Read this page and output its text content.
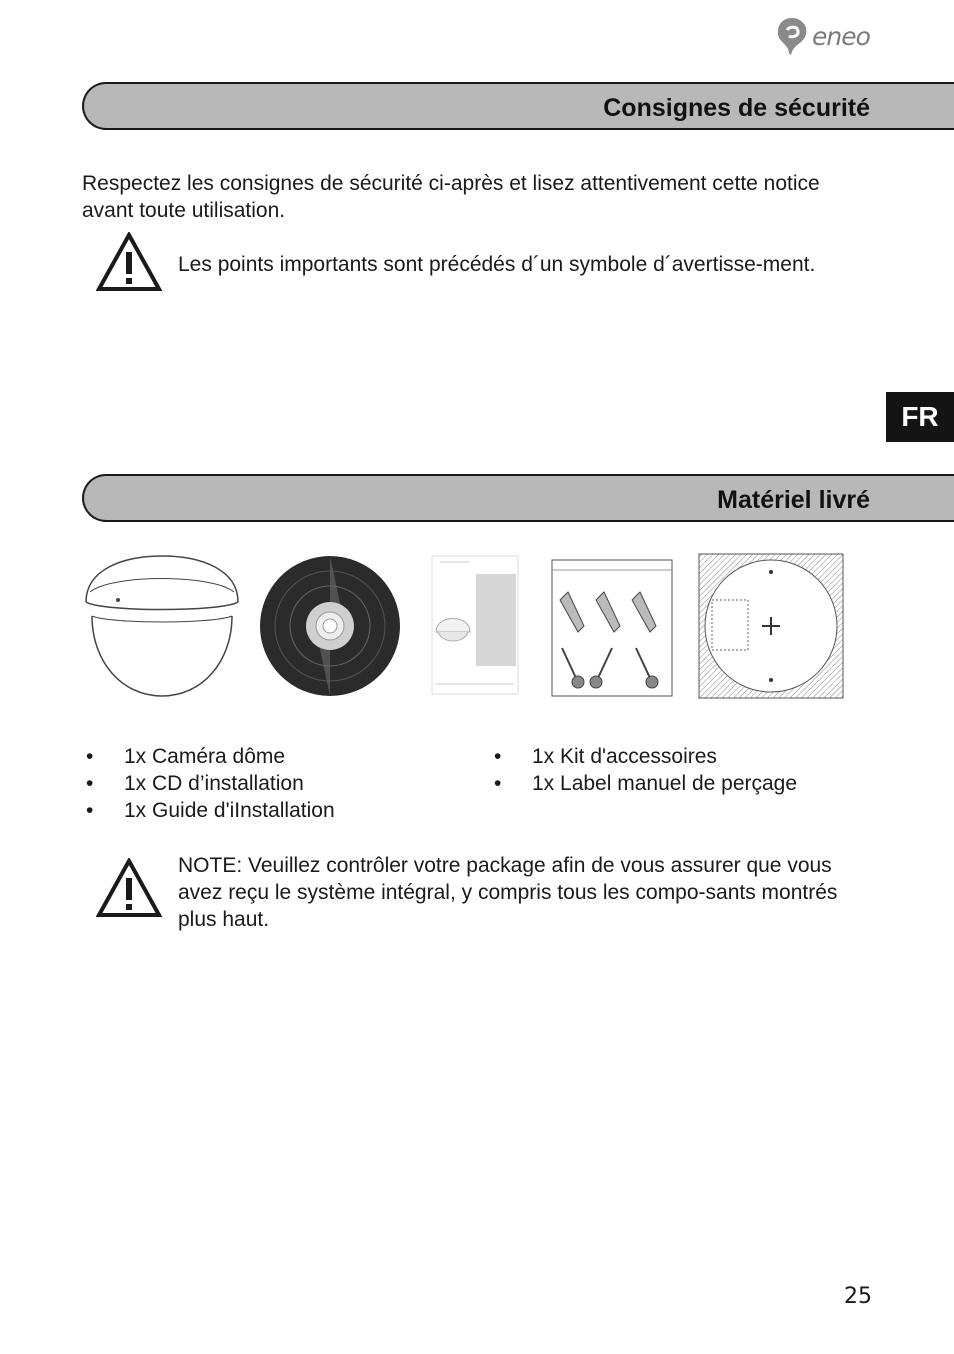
eneo
Consignes de sécurité
Respectez les consignes de sécurité ci-après et lisez attentivement cette notice avant toute utilisation.
Les points importants sont précédés d´un symbole d´avertisse-ment.
FR
Matériel livré
• 1x Caméra dôme
• 1x CD d’installation
• 1x Guide d'iInstallation
• 1x Kit d'accessoires
• 1x Label manuel de perçage
NOTE: Veuillez contrôler votre package afin de vous assurer que vous avez reçu le système intégral, y compris tous les compo-sants montrés plus haut.
25
